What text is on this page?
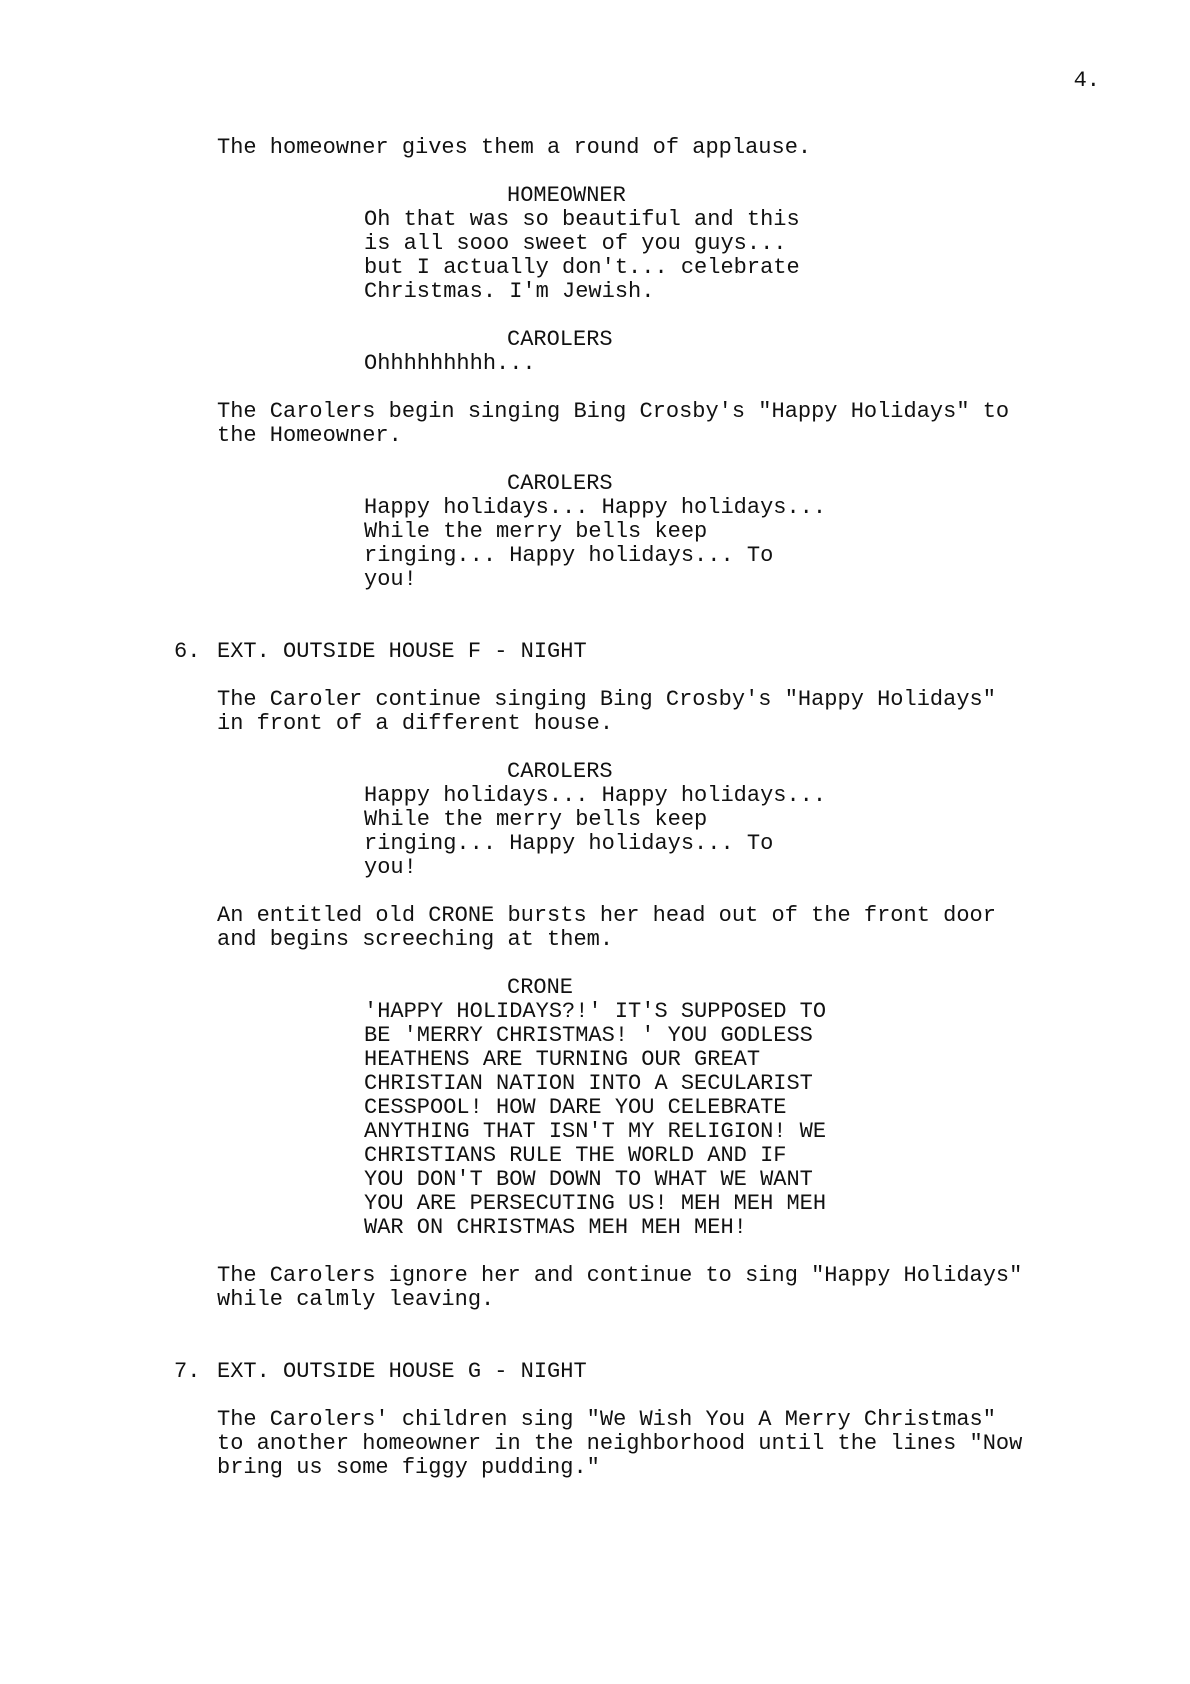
4.
The homeowner gives them a round of applause.
HOMEOWNER
Oh that was so beautiful and this
is all sooo sweet of you guys...
but I actually don't... celebrate
Christmas. I'm Jewish.
CAROLERS
Ohhhhhhhhh...
The Carolers begin singing Bing Crosby's "Happy Holidays" to
the Homeowner.
CAROLERS
Happy holidays... Happy holidays...
While the merry bells keep
ringing... Happy holidays... To
you!
6. EXT. OUTSIDE HOUSE F - NIGHT
The Caroler continue singing Bing Crosby's "Happy Holidays"
in front of a different house.
CAROLERS
Happy holidays... Happy holidays...
While the merry bells keep
ringing... Happy holidays... To
you!
An entitled old CRONE bursts her head out of the front door
and begins screeching at them.
CRONE
'HAPPY HOLIDAYS?!' IT'S SUPPOSED TO
BE 'MERRY CHRISTMAS! ' YOU GODLESS
HEATHENS ARE TURNING OUR GREAT
CHRISTIAN NATION INTO A SECULARIST
CESSPOOL! HOW DARE YOU CELEBRATE
ANYTHING THAT ISN'T MY RELIGION! WE
CHRISTIANS RULE THE WORLD AND IF
YOU DON'T BOW DOWN TO WHAT WE WANT
YOU ARE PERSECUTING US! MEH MEH MEH
WAR ON CHRISTMAS MEH MEH MEH!
The Carolers ignore her and continue to sing "Happy Holidays"
while calmly leaving.
7. EXT. OUTSIDE HOUSE G - NIGHT
The Carolers' children sing "We Wish You A Merry Christmas"
to another homeowner in the neighborhood until the lines "Now
bring us some figgy pudding."
